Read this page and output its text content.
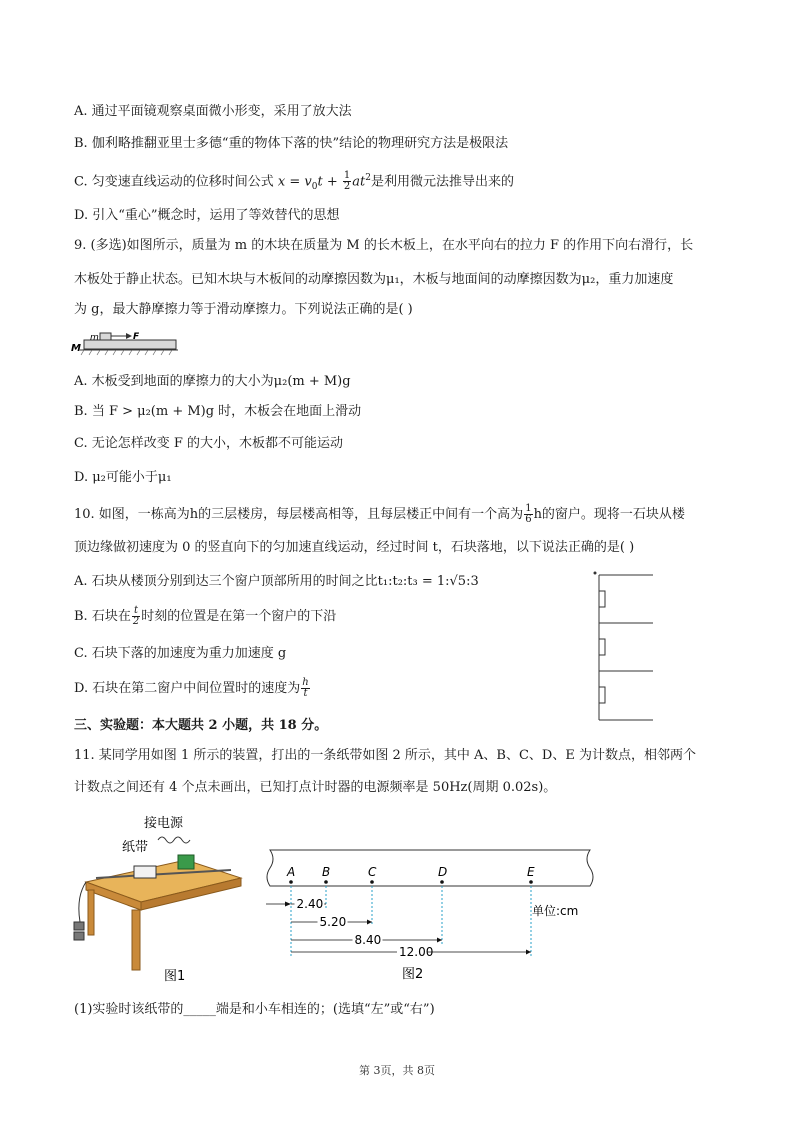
A. 通过平面镜观察桌面微小形变，采用了放大法
B. 伽利略推翻亚里士多德“重的物体下落的快”结论的物理研究方法是极限法
C. 匀变速直线运动的位移时间公式 $x = v_0t + \frac{1}{2} at^2$是利用微元法推导出来的
D. 引入“重心”概念时，运用了等效替代的思想
9. (多选)如图所示，质量为 m 的木块在质量为 M 的长木板上，在水平向右的拉力 F 的作用下向右滑行，长
木板处于静止状态。已知木块与木板间的动摩擦因数为μ₁，木板与地面间的动摩擦因数为μ₂，重力加速度
为 g，最大静摩擦力等于滑动摩擦力。下列说法正确的是( )
M
m	F
A. 木板受到地面的摩擦力的大小为μ₂(m + M)g
B. 当 F > μ₂(m + M)g 时，木板会在地面上滑动
C. 无论怎样改变 F 的大小，木板都不可能运动
D. μ₂可能小于μ₁
10. 如图，一栋高为h的三层楼房，每层楼高相等，且每层楼正中间有一个高为 $\frac{1}{6}$ h的窗户。现将一石块从楼
顶边缘做初速度为 0 的竖直向下的匀加速直线运动，经过时间 t，石块落地，以下说法正确的是( )
A. 石块从楼顶分别到达三个窗户顶部所用的时间之比t₁:t₂:t₃ = 1:√5:3
B. 石块在 $\frac{t}{2}$ 时刻的位置是在第一个窗户的下沿
C. 石块下落的加速度为重力加速度 g
D. 石块在第二窗户中间位置时的速度为 $\frac{h}{t}$
三、实验题：本大题共 2 小题，共 18 分。
11. 某同学用如图 1 所示的装置，打出的一条纸带如图 2 所示，其中 A、B、C、D、E 为计数点，相邻两个
计数点之间还有 4 个点未画出，已知打点计时器的电源频率是 50Hz(周期 0.02s)。
接电源
纸带
图1
A B	C	D	E
2.40
5.20
8.40
12.00
单位:cm
图2
(1)实验时该纸带的_____端是和小车相连的；(选填“左”或“右”)
第 3页，共 8页
